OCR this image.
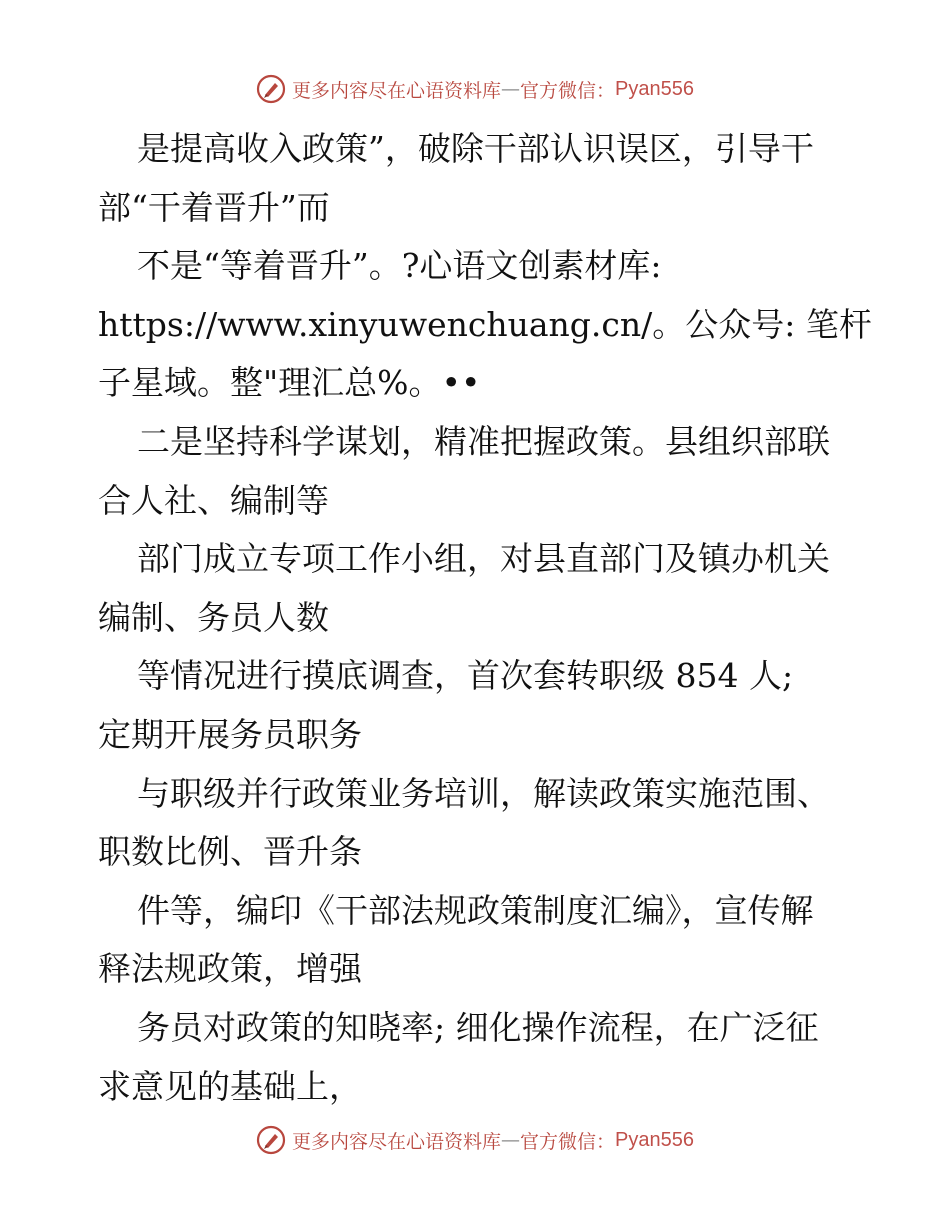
更多内容尽在心语资料库 — 官方微信： Pyan556
是提高收入政策”，破除干部认识误区，引导干
部“干着晋升”而
不是“等着晋升”。?心语文创素材库:
https://www.xinyuwenchuang.cn/。公众号: 笔杆
子星域。整"理汇总%。••
二是坚持科学谋划，精准把握政策。县组织部联
合人社、编制等
部门成立专项工作小组，对县直部门及镇办机关
编制、务员人数
等情况进行摸底调查，首次套转职级 854 人;
定期开展务员职务
与职级并行政策业务培训，解读政策实施范围、
职数比例、晋升条
件等，编印《干部法规政策制度汇编》，宣传解
释法规政策，增强
务员对政策的知晓率; 细化操作流程，在广泛征
求意见的基础上，
更多内容尽在心语资料库 — 官方微信： Pyan556
